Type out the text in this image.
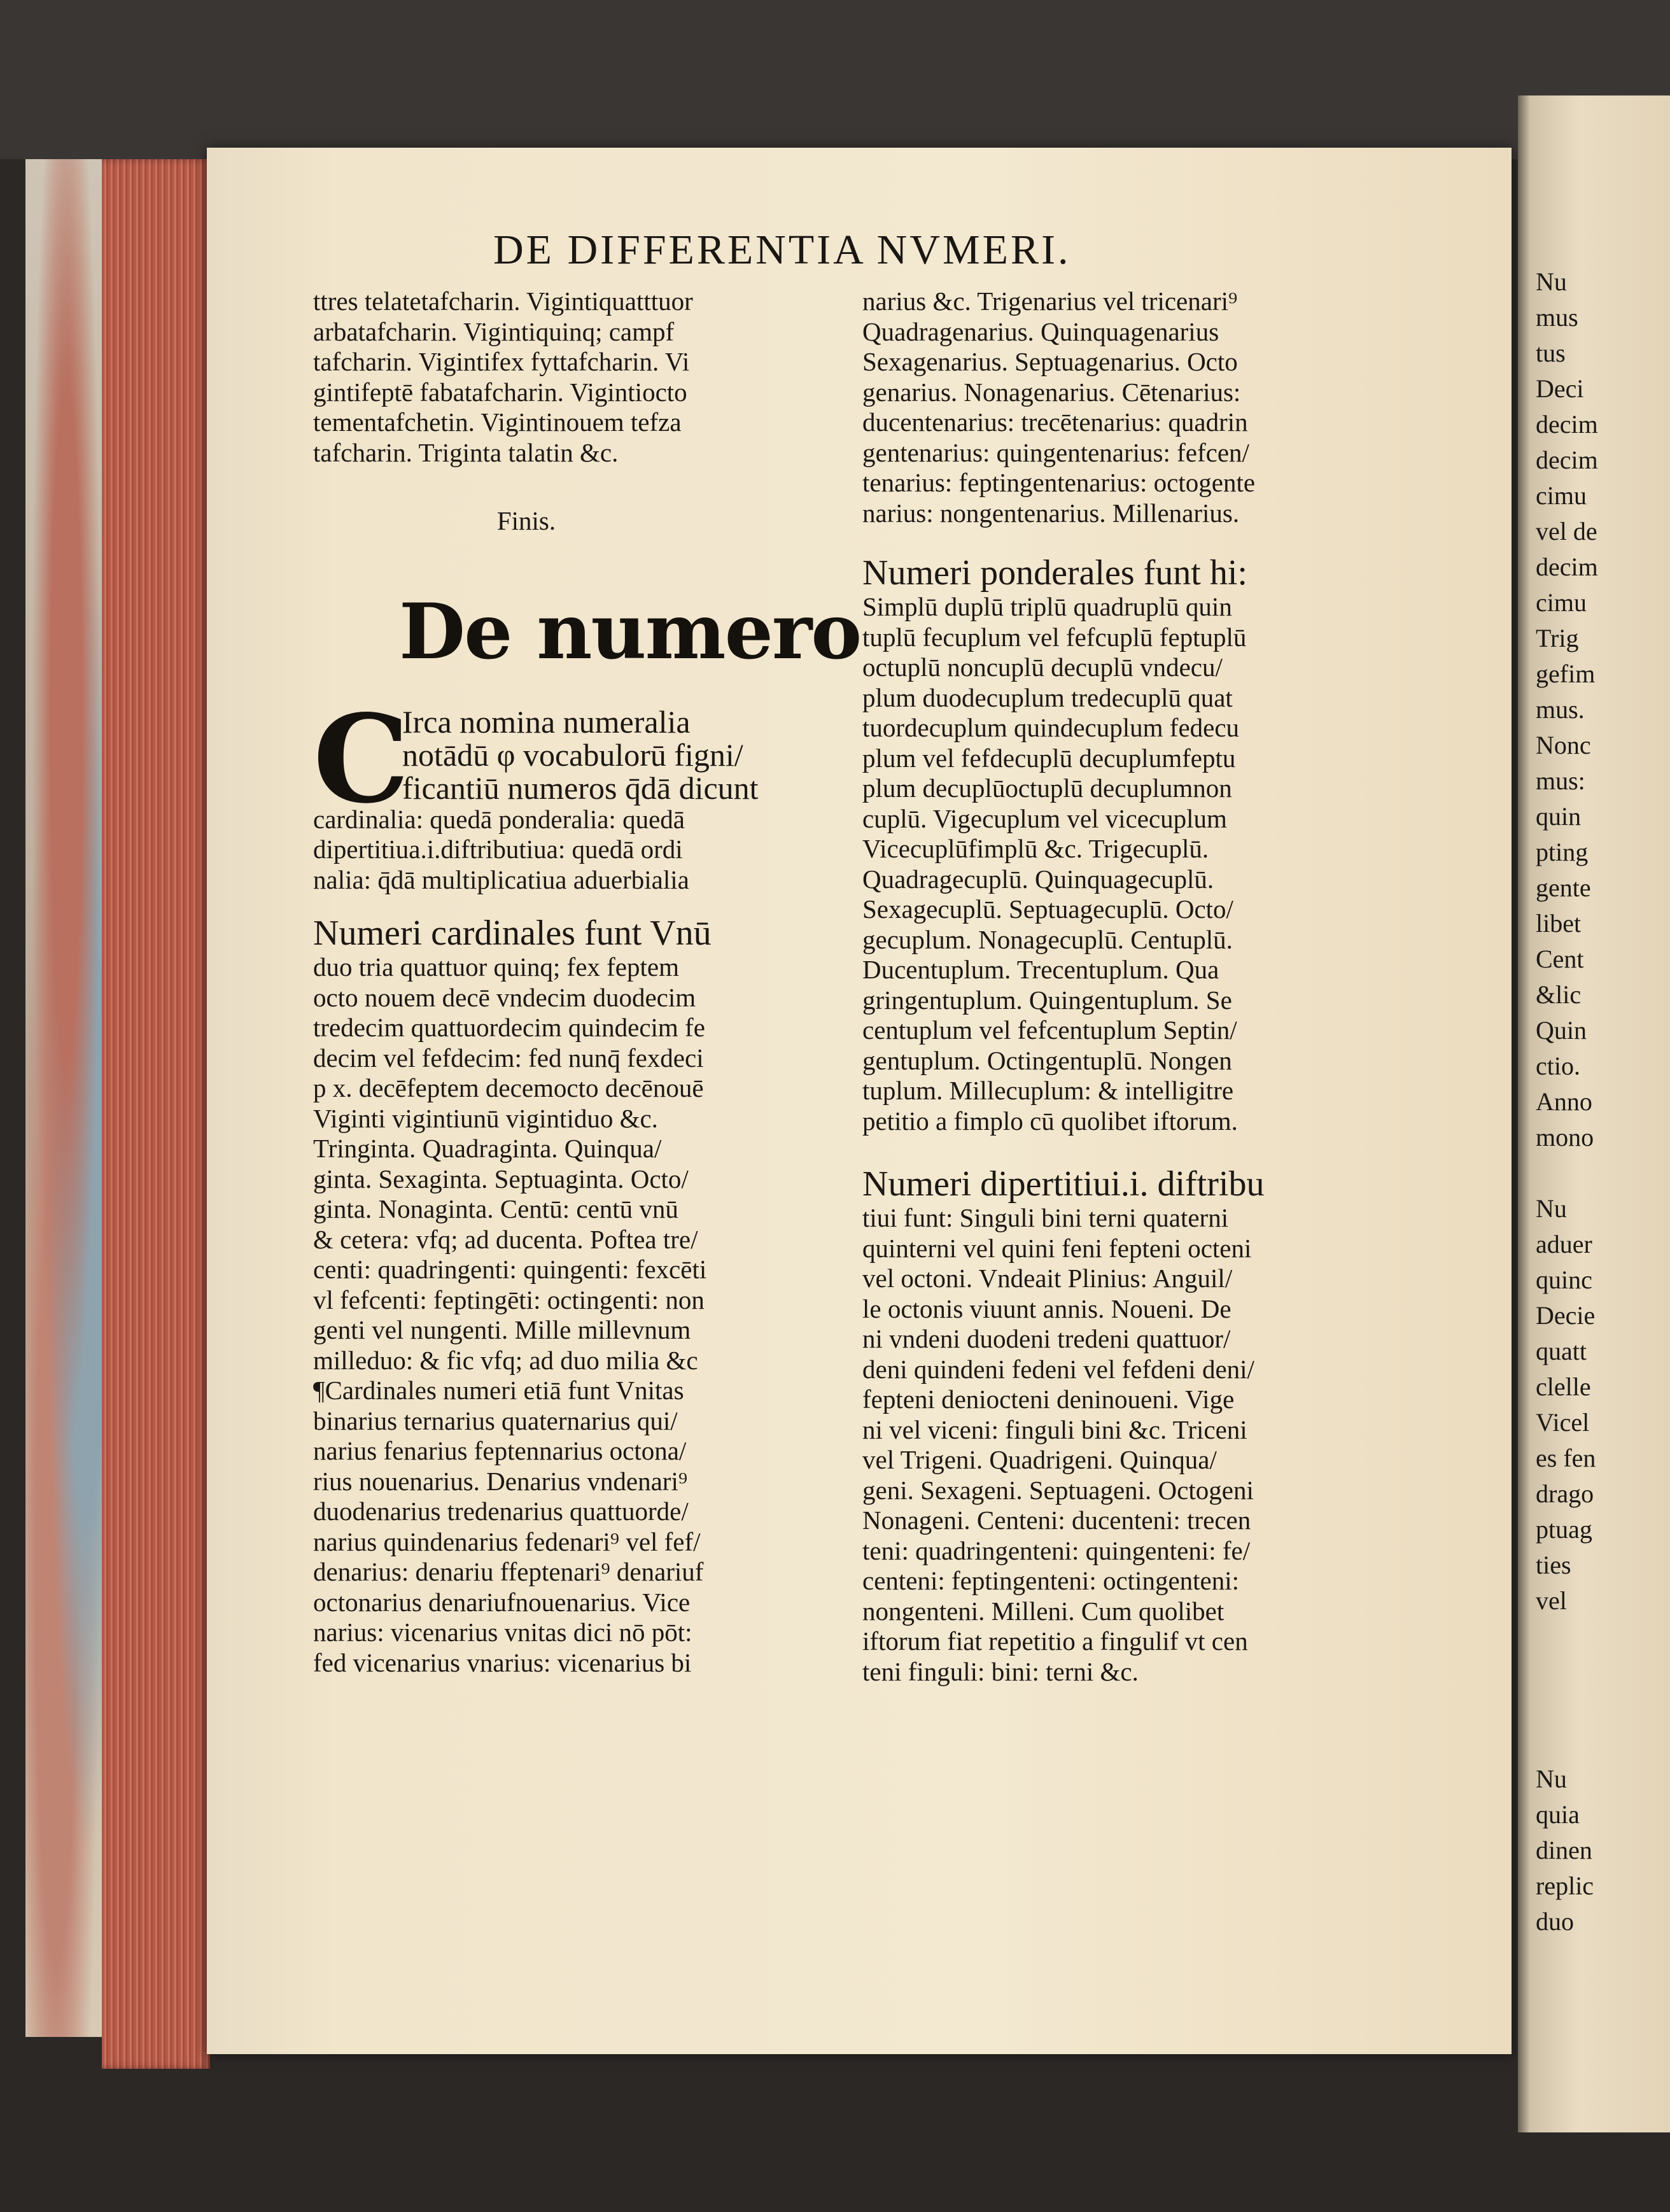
Nu
mus
tus
Deci
decim
decim
cimu
vel de
decim
cimu
Trig
gefim
mus.
Nonc
mus:
quin
pting
gente
libet
Cent
&lic
Quin
ctio.
Anno
mono

Nu
aduer
quinc
Decie
quatt
clelle
Vicel
es fen
drago
ptuag
ties
vel

Nu
quia
dinen
replic
duo
DE DIFFERENTIA NVMERI.
ttres telatetafcharin. Vigintiquatttuor
arbatafcharin. Vigintiquinq; campf
tafcharin. Vigintifex fyttafcharin. Vi
gintifeptē fabatafcharin. Vigintiocto
tementafchetin. Vigintinouem tefza
tafcharin. Triginta talatin &c.
Finis.
De numero
C
Irca nomina numeralia
notādū φ vocabulorū figni/
ficantiū numeros q̄dā dicunt
cardinalia: quedā ponderalia: quedā
dipertitiua.i.diftributiua: quedā ordi
nalia: q̄dā multiplicatiua aduerbialia
Numeri cardinales funt Vnū
duo tria quattuor quinq; fex feptem
octo nouem decē vndecim duodecim
tredecim quattuordecim quindecim fe
decim vel fefdecim: fed nunq̄ fexdeci
p x. decēfeptem decemocto decēnouē
Viginti vigintiunū vigintiduo &c.
Tringinta. Quadraginta. Quinqua/
ginta. Sexaginta. Septuaginta. Octo/
ginta. Nonaginta. Centū: centū vnū
& cetera: vfq; ad ducenta. Poftea tre/
centi: quadringenti: quingenti: fexcēti
vl fefcenti: feptingēti: octingenti: non
genti vel nungenti. Mille millevnum
milleduo: & fic vfq; ad duo milia &c
¶Cardinales numeri etiā funt Vnitas
binarius ternarius quaternarius qui/
narius fenarius feptennarius octona/
rius nouenarius. Denarius vndenari⁹
duodenarius tredenarius quattuorde/
narius quindenarius fedenari⁹ vel fef/
denarius: denariu ffeptenari⁹ denariuf
octonarius denariufnouenarius. Vice
narius: vicenarius vnitas dici nō pōt:
fed vicenarius vnarius: vicenarius bi
narius &c. Trigenarius vel tricenari⁹
Quadragenarius. Quinquagenarius
Sexagenarius. Septuagenarius. Octo
genarius. Nonagenarius. Cētenarius:
ducentenarius: trecētenarius: quadrin
gentenarius: quingentenarius: fefcen/
tenarius: feptingentenarius: octogente
narius: nongentenarius. Millenarius.
Numeri ponderales funt hi:
Simplū duplū triplū quadruplū quin
tuplū fecuplum vel fefcuplū feptuplū
octuplū noncuplū decuplū vndecu/
plum duodecuplum tredecuplū quat
tuordecuplum quindecuplum fedecu
plum vel fefdecuplū decuplumfeptu
plum decuplūoctuplū decuplumnon
cuplū. Vigecuplum vel vicecuplum
Vicecuplūfimplū &c. Trigecuplū.
Quadragecuplū. Quinquagecuplū.
Sexagecuplū. Septuagecuplū. Octo/
gecuplum. Nonagecuplū. Centuplū.
Ducentuplum. Trecentuplum. Qua
gringentuplum. Quingentuplum. Se
centuplum vel fefcentuplum Septin/
gentuplum. Octingentuplū. Nongen
tuplum. Millecuplum: & intelligitre
petitio a fimplo cū quolibet iftorum.
Numeri dipertitiui.i. diftribu
tiui funt: Singuli bini terni quaterni
quinterni vel quini feni fepteni octeni
vel octoni. Vndeait Plinius: Anguil/
le octonis viuunt annis. Noueni. De
ni vndeni duodeni tredeni quattuor/
deni quindeni fedeni vel fefdeni deni/
fepteni deniocteni deninoueni. Vige
ni vel viceni: finguli bini &c. Triceni
vel Trigeni. Quadrigeni. Quinqua/
geni. Sexageni. Septuageni. Octogeni
Nonageni. Centeni: ducenteni: trecen
teni: quadringenteni: quingenteni: fe/
centeni: feptingenteni: octingenteni:
nongenteni. Milleni. Cum quolibet
iftorum fiat repetitio a fingulif vt cen
teni finguli: bini: terni &c.
